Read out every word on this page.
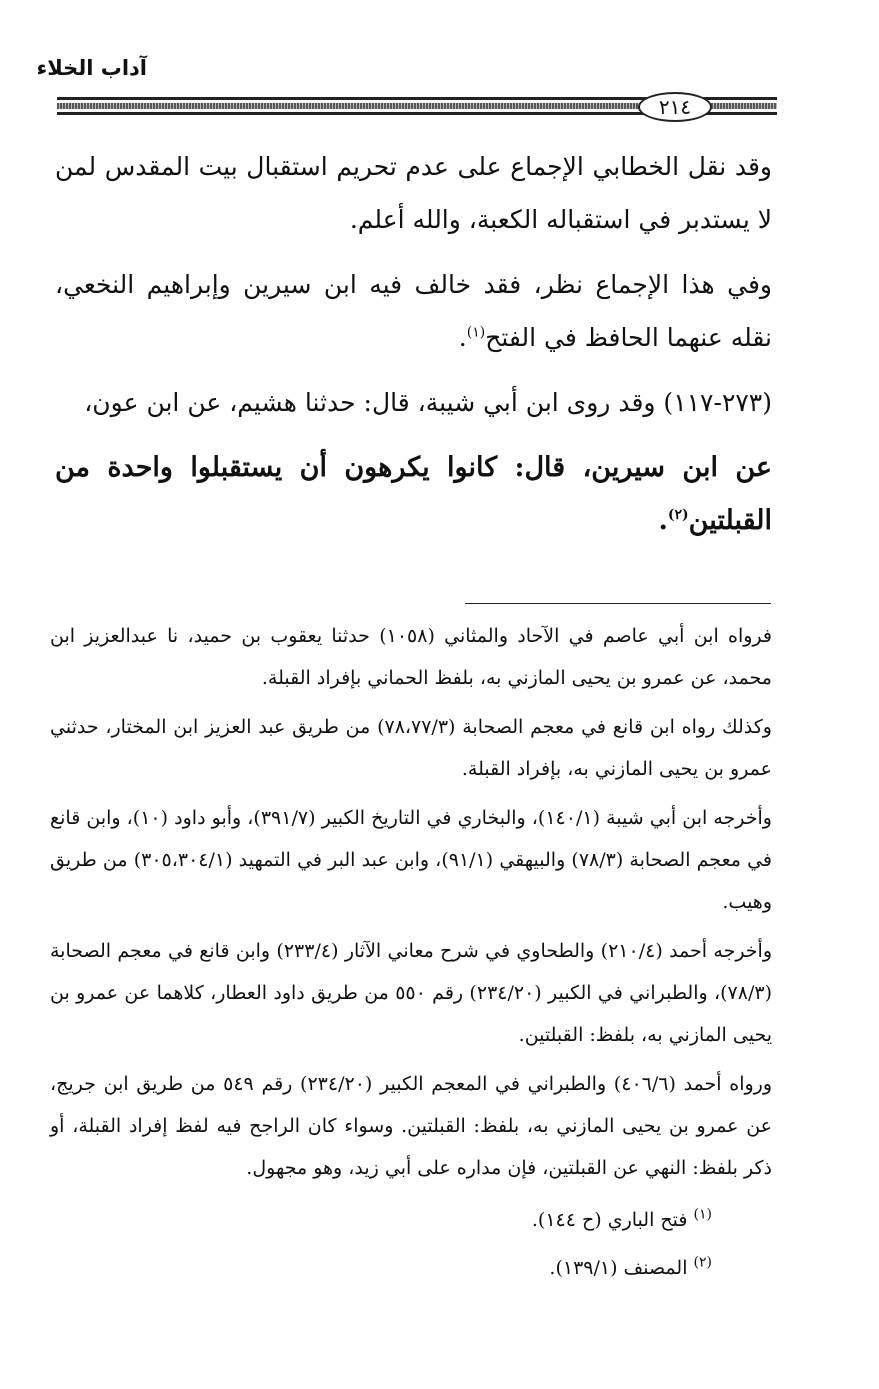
آداب الخلاء
٢١٤

وقد نقل الخطابي الإجماع على عدم تحريم استقبال بيت المقدس لمن لا يستدبر في استقباله الكعبة، والله أعلم.

وفي هذا الإجماع نظر، فقد خالف فيه ابن سيرين وإبراهيم النخعي، نقله عنهما الحافظ في الفتح$^{(١)}$.

(٢٧٣-١١٧) وقد روى ابن أبي شيبة، قال: حدثنا هشيم، عن ابن عون،

عن ابن سيرين، قال: كانوا يكرهون أن يستقبلوا واحدة من القبلتين$^{(٢)}$.

فرواه ابن أبي عاصم في الآحاد والمثاني (١٠٥٨) حدثنا يعقوب بن حميد، نا عبدالعزيز ابن محمد، عن عمرو بن يحيى المازني به، بلفظ الحماني بإفراد القبلة.

وكذلك رواه ابن قانع في معجم الصحابة (٧٨،٧٧/٣) من طريق عبد العزيز ابن المختار، حدثني عمرو بن يحيى المازني به، بإفراد القبلة.

وأخرجه ابن أبي شيبة (١٤٠/١)، والبخاري في التاريخ الكبير (٣٩١/٧)، وأبو داود (١٠)، وابن قانع في معجم الصحابة (٧٨/٣) والبيهقي (٩١/١)، وابن عبد البر في التمهيد (٣٠٥،٣٠٤/١) من طريق وهيب.

وأخرجه أحمد (٢١٠/٤) والطحاوي في شرح معاني الآثار (٢٣٣/٤) وابن قانع في معجم الصحابة (٧٨/٣)، والطبراني في الكبير (٢٣٤/٢٠) رقم ٥٥٠ من طريق داود العطار، كلاهما عن عمرو بن يحيى المازني به، بلفظ: القبلتين.

ورواه أحمد (٤٠٦/٦) والطبراني في المعجم الكبير (٢٣٤/٢٠) رقم ٥٤٩ من طريق ابن جريج، عن عمرو بن يحيى المازني به، بلفظ: القبلتين. وسواء كان الراجح فيه لفظ إفراد القبلة، أو ذكر بلفظ: النهي عن القبلتين، فإن مداره على أبي زيد، وهو مجهول.

$^{(١)}$ فتح الباري (ح ١٤٤).

$^{(٢)}$ المصنف (١٣٩/١).
